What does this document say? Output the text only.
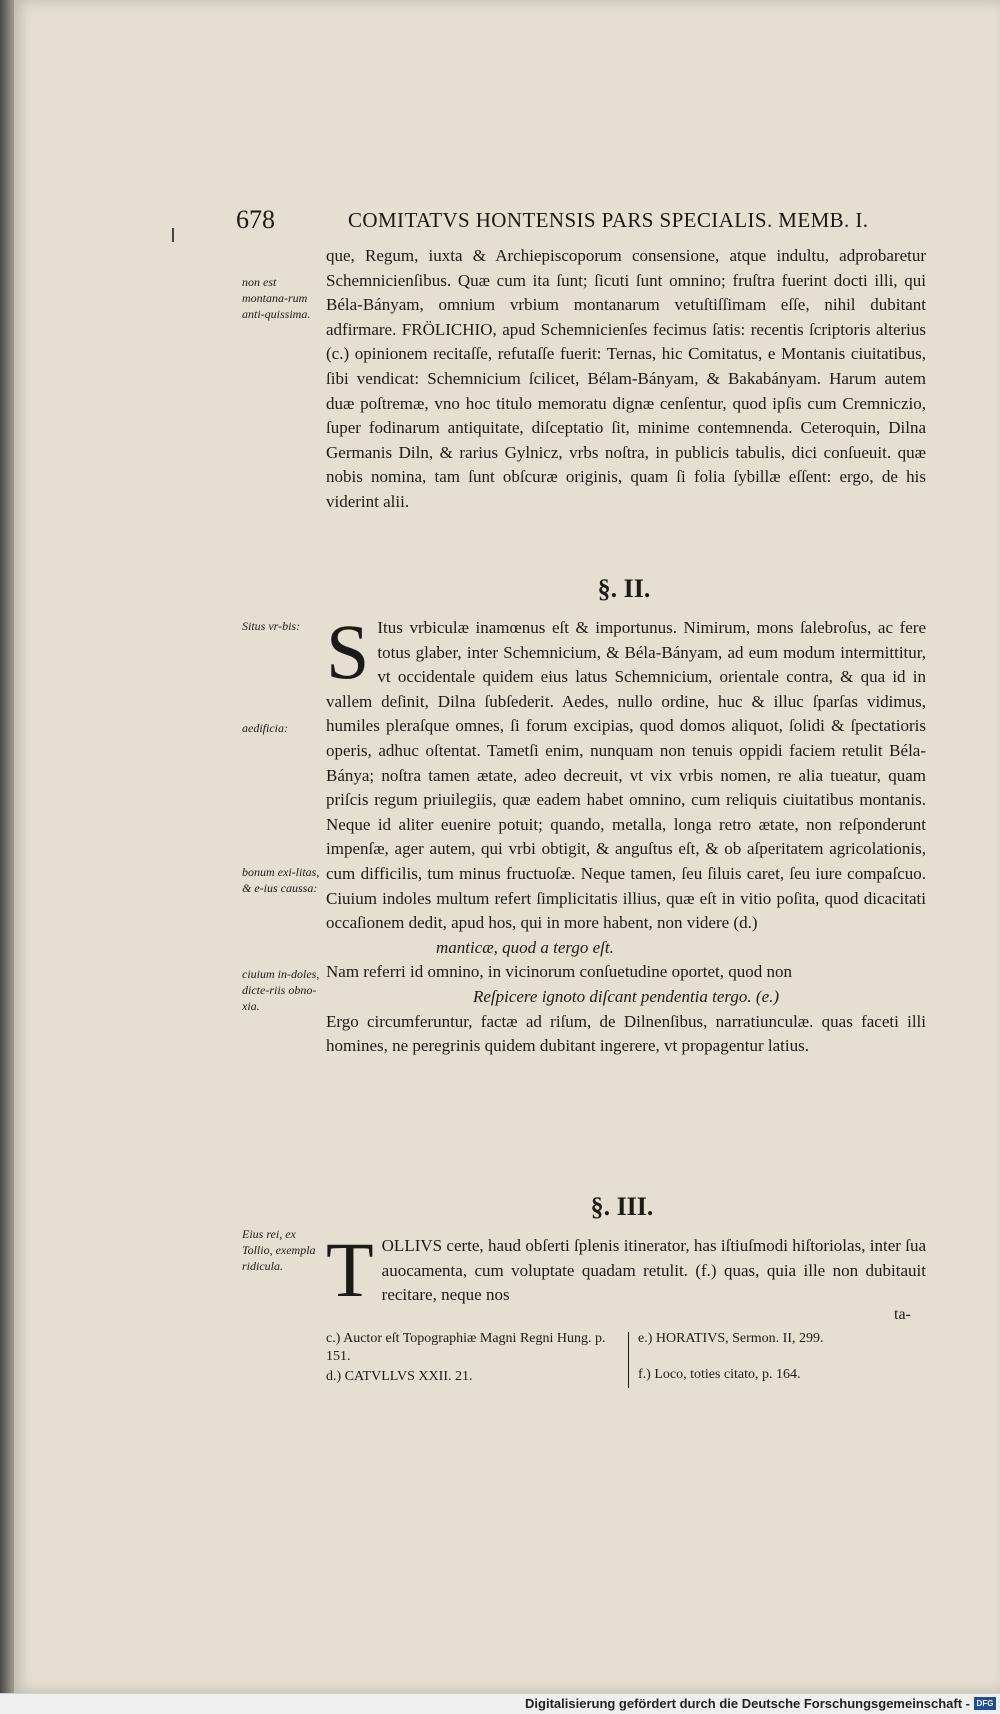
678	COMITATVS HONTENSIS PARS SPECIALIS. MEMB. I.
non est montana-rum anti-quissima.
Situs vr-bis:
aedificia:
bonum exi-litas, & e-ius caussa:
ciuium in-doles, dicte-riis obno-xia.
Eius rei, ex Tollio, exempla ridicula.

que, Regum, iuxta & Archiepiscoporum consensione, atque indultu, adprobaretur Schemnicienſibus. Quæ cum ita ſunt; ſicuti ſunt omnino; fruſtra fuerint docti illi, qui Béla-Bányam, omnium vrbium montanarum vetuſtiſſimam eſſe, nihil dubitant adfirmare. FRÖLICHIO, apud Schemnicienſes fecimus ſatis: recentis ſcriptoris alterius (c.) opinionem recitaſſe, refutaſſe fuerit: Ternas, hic Comitatus, e Montanis ciuitatibus, ſibi vendicat: Schemnicium ſcilicet, Bélam-Bányam, & Bakabányam. Harum autem duæ poſtremæ, vno hoc titulo memoratu dignæ cenſentur, quod ipſis cum Cremniczio, ſuper fodinarum antiquitate, diſceptatio ſit, minime contemnenda. Ceteroquin, Dilna Germanis Diln, & rarius Gylnicz, vrbs noſtra, in publicis tabulis, dici conſueuit. quæ nobis nomina, tam ſunt obſcuræ originis, quam ſi folia ſybillæ eſſent: ergo, de his viderint alii.

§. II.
S Itus vrbiculæ inamœnus eſt & importunus. Nimirum, mons ſalebroſus, ac fere totus glaber, inter Schemnicium, & Béla-Bányam, ad eum modum intermittitur, vt occidentale quidem eius latus Schemnicium, orientale contra, & qua id in vallem deſinit, Dilna ſubſederit. Aedes, nullo ordine, huc & illuc ſparſas vidimus, humiles pleraſque omnes, ſi forum excipias, quod domos aliquot, ſolidi & ſpectatioris operis, adhuc oſtentat. Tametſi enim, nunquam non tenuis oppidi faciem retulit Béla-Bánya; noſtra tamen ætate, adeo decreuit, vt vix vrbis nomen, re alia tueatur, quam priſcis regum priuilegiis, quæ eadem habet omnino, cum reliquis ciuitatibus montanis. Neque id aliter euenire potuit; quando, metalla, longa retro ætate, non reſponderunt impenſæ, ager autem, qui vrbi obtigit, & anguſtus eſt, & ob aſperitatem agricolationis, cum difficilis, tum minus fructuoſæ. Neque tamen, ſeu ſiluis caret, ſeu iure compaſcuo. Ciuium indoles multum refert ſimplicitatis illius, quæ eſt in vitio poſita, quod dicacitati occaſionem dedit, apud hos, qui in more habent, non videre (d.)

manticæ, quod a tergo eſt.

Nam referri id omnino, in vicinorum conſuetudine oportet, quod non

Reſpicere ignoto diſcant pendentia tergo. (e.)

Ergo circumferuntur, factæ ad riſum, de Dilnenſibus, narratiunculæ. quas faceti illi homines, ne peregrinis quidem dubitant ingerere, vt propagentur latius.

§. III.
T OLLIVS certe, haud obſerti ſplenis itinerator, has iſtiuſmodi hiſtoriolas, inter ſua auocamenta, cum voluptate quadam retulit. (f.) quas, quia ille non dubitauit recitare, neque nos

ta-
c.) Auctor eſt Topographiæ Magni Regni Hung. p. 151.
d.) CATVLLVS XXII. 21.
e.) HORATIVS, Sermon. II, 299.
f.) Loco, toties citato, p. 164.
Digitalisierung gefördert durch die Deutsche Forschungsgemeinschaft - DFG
